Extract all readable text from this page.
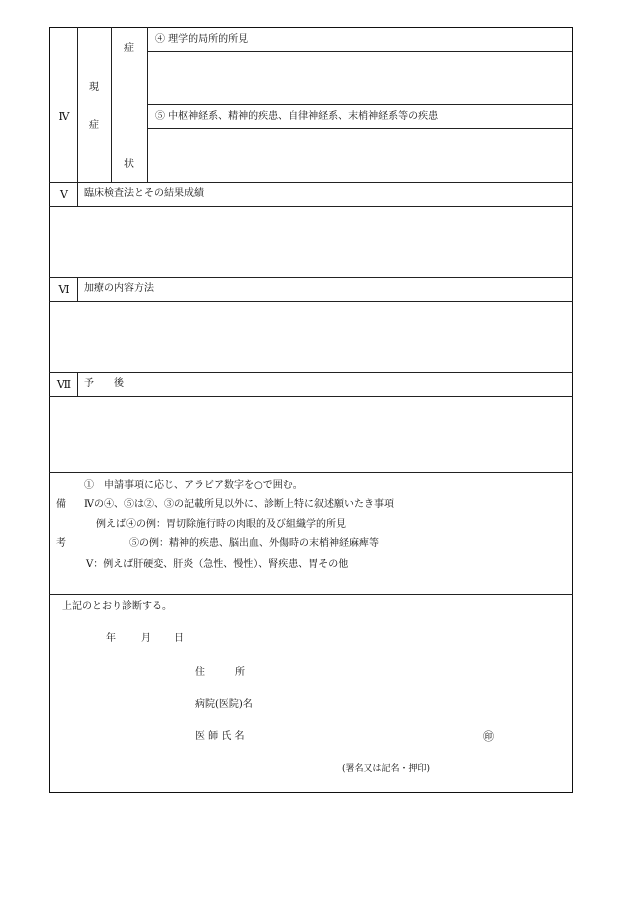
Ⅳ
現
症
症
状
④ 理学的局所的所見
⑤ 中枢神経系、精神的疾患、自律神経系、末梢神経系等の疾患
Ⅴ 臨床検査法とその結果成績
Ⅵ 加療の内容方法
Ⅶ 予　　後
備
考
①　申請事項に応じ、アラビア数字を○で囲む。
Ⅳの④、⑤は②、③の記載所見以外に、診断上特に叙述願いたき事項
例えば④の例：胃切除施行時の肉眼的及び組織学的所見
⑤の例：精神的疾患、脳出血、外傷時の末梢神経麻痺等
Ⅴ：例えば肝硬変、肝炎（急性、慢性）、腎疾患、胃その他
上記のとおり診断する。
年	月 日
住　　　所
病院(医院)名
医 師 氏 名	㊞
(署名又は記名・押印)
